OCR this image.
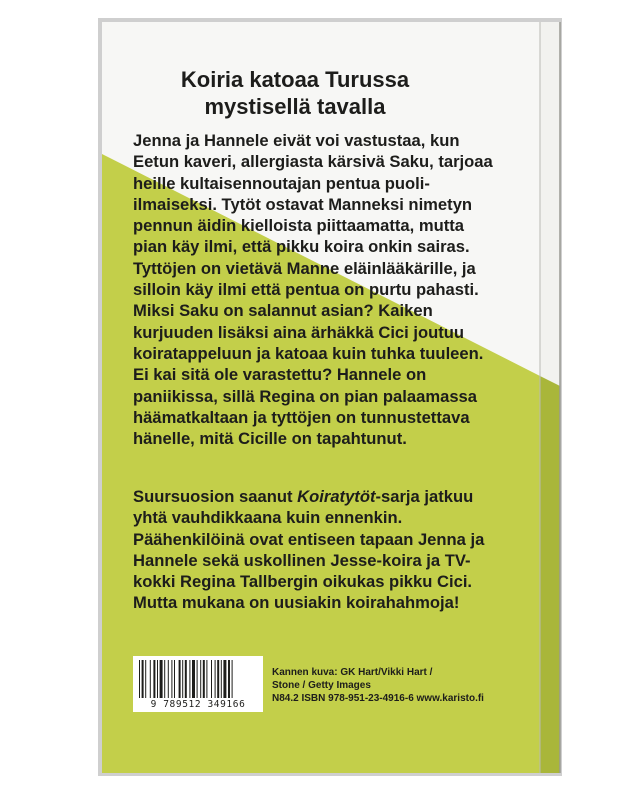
Koiria katoaa Turussa
mystisellä tavalla
Jenna ja Hannele eivät voi vastustaa, kun
Eetun kaveri, allergiasta kärsivä Saku, tarjoaa
heille kultaisennoutajan pentua puoli-
ilmaiseksi. Tytöt ostavat Manneksi nimetyn
pennun äidin kielloista piittaamatta, mutta
pian käy ilmi, että pikku koira onkin sairas.
Tyttöjen on vietävä Manne eläinlääkärille, ja
silloin käy ilmi että pentua on purtu pahasti.
Miksi Saku on salannut asian? Kaiken
kurjuuden lisäksi aina ärhäkkä Cici joutuu
koiratappeluun ja katoaa kuin tuhka tuuleen.
Ei kai sitä ole varastettu? Hannele on
paniikissa, sillä Regina on pian palaamassa
häämatkaltaan ja tyttöjen on tunnustettava
hänelle, mitä Cicille on tapahtunut.
Suursuosion saanut Koiratytöt-sarja jatkuu
yhtä vauhdikkaana kuin ennenkin.
Päähenkilöinä ovat entiseen tapaan Jenna ja
Hannele sekä uskollinen Jesse-koira ja TV-
kokki Regina Tallbergin oikukas pikku Cici.
Mutta mukana on uusiakin koirahahmoja!
9 789512 349166
Kannen kuva: GK Hart/Vikki Hart /
Stone / Getty Images
N84.2 ISBN 978-951-23-4916-6 www.karisto.fi
